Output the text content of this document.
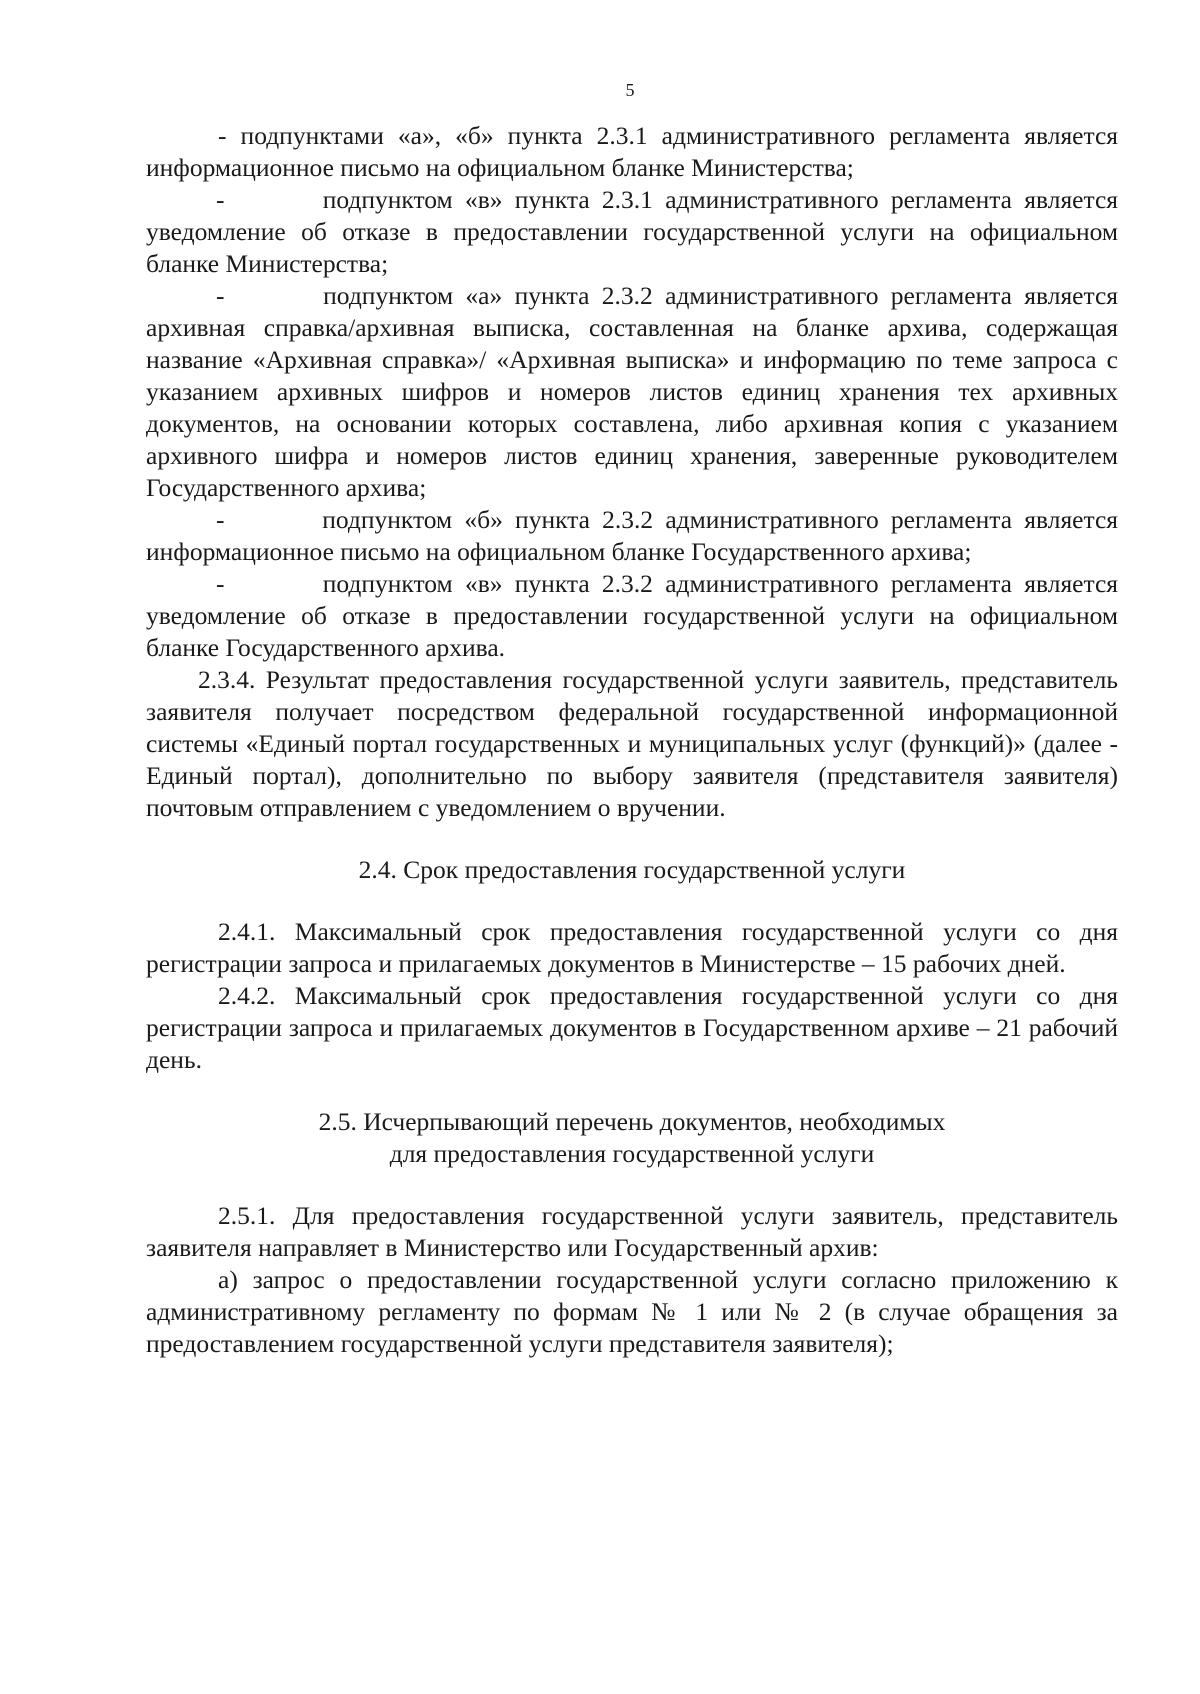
5

- подпунктами «а», «б» пункта 2.3.1 административного регламента является информационное письмо на официальном бланке Министерства;

-        подпунктом «в» пункта 2.3.1 административного регламента является уведомление об отказе в предоставлении государственной услуги на официальном бланке Министерства;

-        подпунктом «а» пункта 2.3.2 административного регламента является архивная справка/архивная выписка, составленная на бланке архива, содержащая название «Архивная справка»/ «Архивная выписка» и информацию по теме запроса с указанием архивных шифров и номеров листов единиц хранения тех архивных документов, на основании которых составлена, либо архивная копия с указанием архивного шифра и номеров листов единиц хранения, заверенные руководителем Государственного архива;

-        подпунктом «б» пункта 2.3.2 административного регламента является информационное письмо на официальном бланке Государственного архива;

-        подпунктом «в» пункта 2.3.2 административного регламента является уведомление об отказе в предоставлении государственной услуги на официальном бланке Государственного архива.

2.3.4. Результат предоставления государственной услуги заявитель, представитель заявителя получает посредством федеральной государственной информационной системы «Единый портал государственных и муниципальных услуг (функций)» (далее - Единый портал), дополнительно по выбору заявителя (представителя заявителя) почтовым отправлением с уведомлением о вручении.

2.4. Срок предоставления государственной услуги

2.4.1. Максимальный срок предоставления государственной услуги со дня регистрации запроса и прилагаемых документов в Министерстве – 15 рабочих дней.

2.4.2. Максимальный срок предоставления государственной услуги со дня регистрации запроса и прилагаемых документов в Государственном архиве – 21 рабочий день.

2.5. Исчерпывающий перечень документов, необходимых
для предоставления государственной услуги

2.5.1. Для предоставления государственной услуги заявитель, представитель заявителя направляет в Министерство или Государственный архив:

а) запрос о предоставлении государственной услуги согласно приложению к административному регламенту по формам № 1 или № 2 (в случае обращения за предоставлением государственной услуги представителя заявителя);
